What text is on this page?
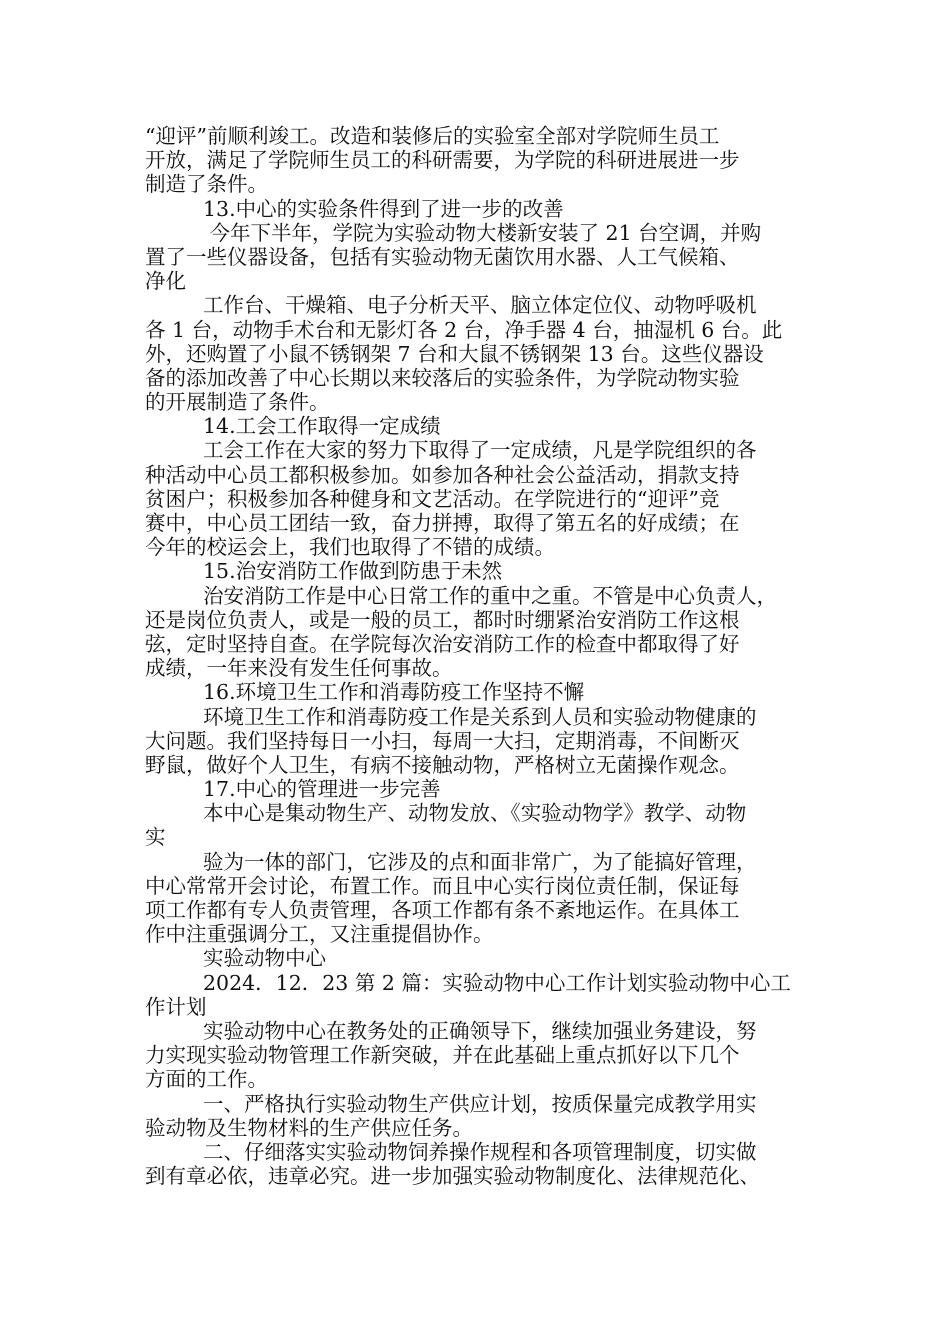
“迎评”前顺利竣工。改造和装修后的实验室全部对学院师生员工
开放，满足了学院师生员工的科研需要，为学院的科研进展进一步
制造了条件。
13.中心的实验条件得到了进一步的改善
今年下半年，学院为实验动物大楼新安装了 21 台空调，并购
置了一些仪器设备，包括有实验动物无菌饮用水器、人工气候箱、
净化
工作台、干燥箱、电子分析天平、脑立体定位仪、动物呼吸机
各 1 台，动物手术台和无影灯各 2 台，净手器 4 台，抽湿机 6 台。此
外，还购置了小鼠不锈钢架 7 台和大鼠不锈钢架 13 台。这些仪器设
备的添加改善了中心长期以来较落后的实验条件，为学院动物实验
的开展制造了条件。
14.工会工作取得一定成绩
工会工作在大家的努力下取得了一定成绩，凡是学院组织的各
种活动中心员工都积极参加。如参加各种社会公益活动，捐款支持
贫困户；积极参加各种健身和文艺活动。在学院进行的“迎评”竞
赛中，中心员工团结一致，奋力拼搏，取得了第五名的好成绩；在
今年的校运会上，我们也取得了不错的成绩。
15.治安消防工作做到防患于未然
治安消防工作是中心日常工作的重中之重。不管是中心负责人，
还是岗位负责人，或是一般的员工，都时时绷紧治安消防工作这根
弦，定时坚持自查。在学院每次治安消防工作的检查中都取得了好
成绩，一年来没有发生任何事故。
16.环境卫生工作和消毒防疫工作坚持不懈
环境卫生工作和消毒防疫工作是关系到人员和实验动物健康的
大问题。我们坚持每日一小扫，每周一大扫，定期消毒，不间断灭
野鼠，做好个人卫生，有病不接触动物，严格树立无菌操作观念。
17.中心的管理进一步完善
本中心是集动物生产、动物发放、《实验动物学》教学、动物
实
验为一体的部门，它涉及的点和面非常广，为了能搞好管理，
中心常常开会讨论，布置工作。而且中心实行岗位责任制，保证每
项工作都有专人负责管理，各项工作都有条不紊地运作。在具体工
作中注重强调分工，又注重提倡协作。
实验动物中心
2024．12．23 第 2 篇：实验动物中心工作计划实验动物中心工
作计划
实验动物中心在教务处的正确领导下，继续加强业务建设，努
力实现实验动物管理工作新突破，并在此基础上重点抓好以下几个
方面的工作。
一、严格执行实验动物生产供应计划，按质保量完成教学用实
验动物及生物材料的生产供应任务。
二、仔细落实实验动物饲养操作规程和各项管理制度，切实做
到有章必依，违章必究。进一步加强实验动物制度化、法律规范化、
